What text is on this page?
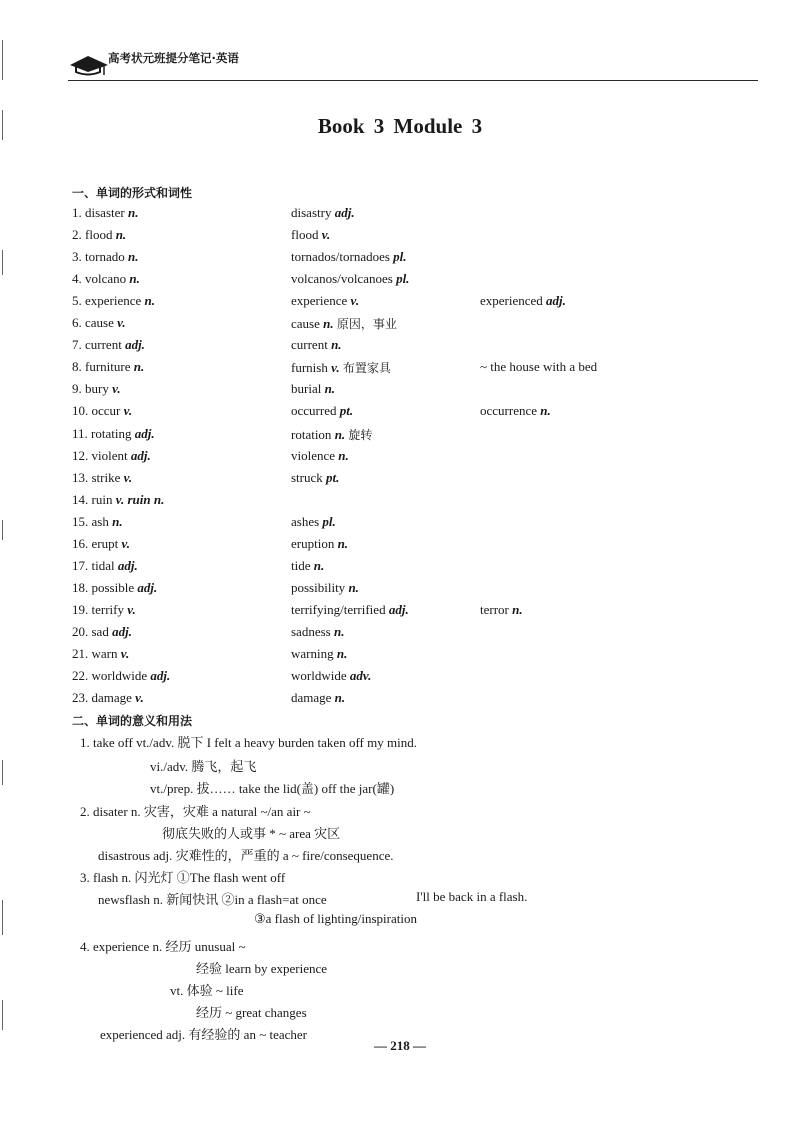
高考状元班提分笔记·英语
Book 3 Module 3
一、单词的形式和词性
1. disaster n.	disastry adj.
2. flood n.	flood v.
3. tornado n.	tornados/tornadoes pl.
4. volcano n.	volcanos/volcanoes pl.
5. experience n.	experience v.	experienced adj.
6. cause v.	cause n. 原因，事业
7. current adj.	current n.
8. furniture n.	furnish v. 布置家具	~ the house with a bed
9. bury v.	burial n.
10. occur v.	occurred pt.	occurrence n.
11. rotating adj.	rotation n. 旋转
12. violent adj.	violence n.
13. strike v.	struck pt.
14. ruin v. ruin n.
15. ash n.	ashes pl.
16. erupt v.	eruption n.
17. tidal adj.	tide n.
18. possible adj.	possibility n.
19. terrify v.	terrifying/terrified adj.	terror n.
20. sad adj.	sadness n.
21. warn v.	warning n.
22. worldwide adj.	worldwide adv.
23. damage v.	damage n.
二、单词的意义和用法
1. take off vt./adv. 脱下 I felt a heavy burden taken off my mind.
vi./adv. 腾飞，起飞
vt./prep. 拔…… take the lid(盖) off the jar(罐)
2. disater n. 灾害，灾难 a natural ~/an air ~
彻底失败的人或事 * ~ area 灾区
disastrous adj. 灾难性的，严重的 a ~ fire/consequence.
3. flash n. 闪光灯 ①The flash went off
newsflash n. 新闻快讯 ②in a flash=at once	I'll be back in a flash.
③a flash of lighting/inspiration
4. experience n. 经历 unusual ~
经验 learn by experience
vt. 体验 ~ life
经历 ~ great changes
experienced adj. 有经验的 an ~ teacher
— 218 —
